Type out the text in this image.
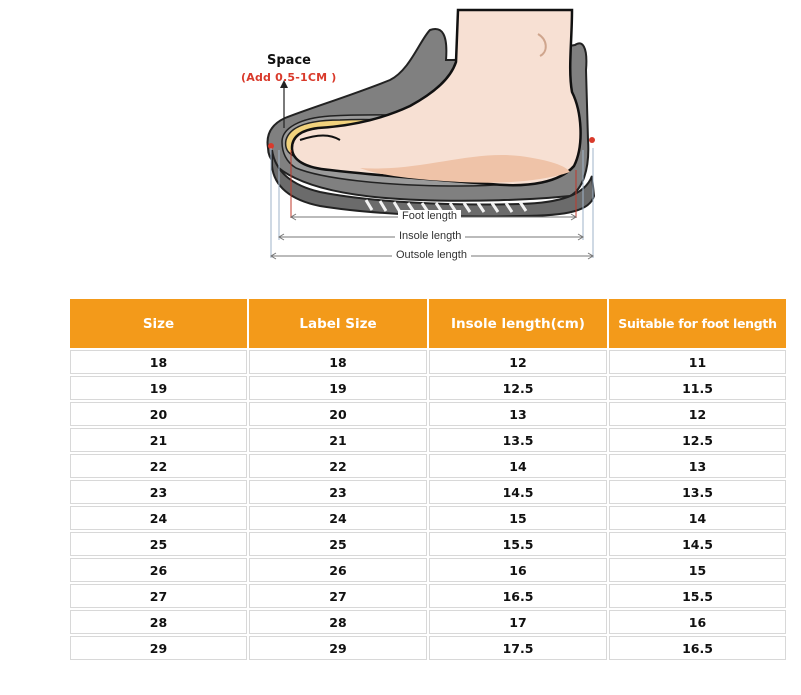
Space
(Add 0.5-1CM )
Foot length
Insole length
Outsole length
Size	Label Size	Insole length(cm)	Suitable for foot length
18	18	12	11
19	19	12.5	11.5
20	20	13	12
21	21	13.5	12.5
22	22	14	13
23	23	14.5	13.5
24	24	15	14
25	25	15.5	14.5
26	26	16	15
27	27	16.5	15.5
28	28	17	16
29	29	17.5	16.5
